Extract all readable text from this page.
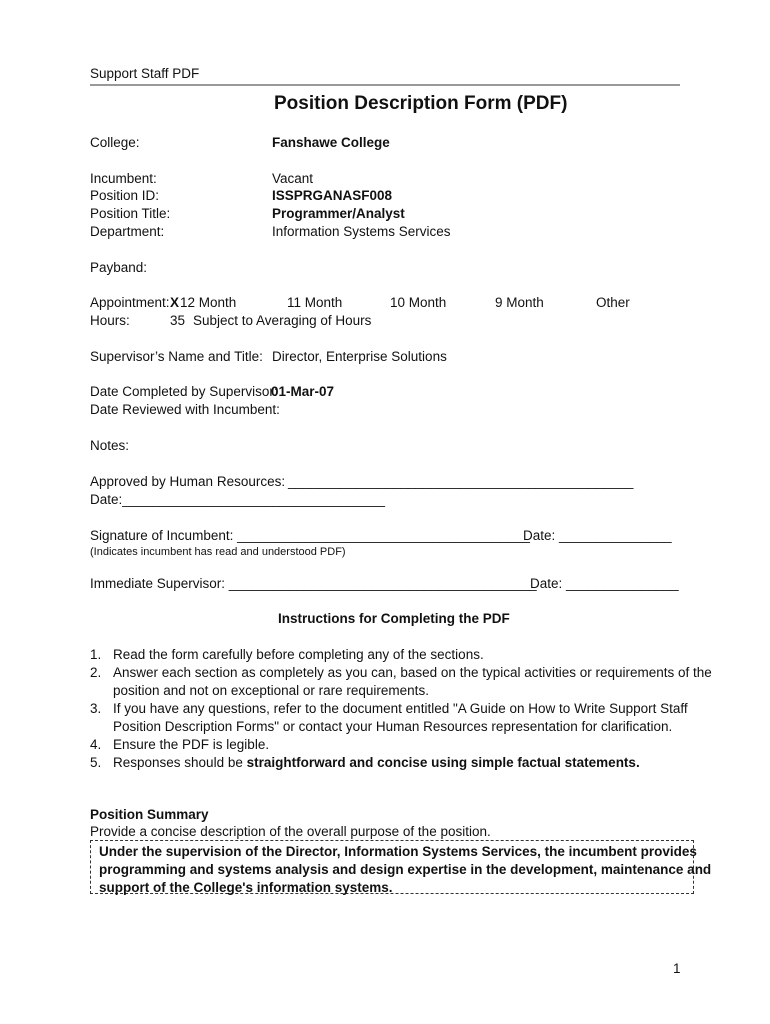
Support Staff PDF
Position Description Form (PDF)
College:	Fanshawe College
Incumbent:	Vacant
Position ID:	ISSPRGANASF008
Position Title:	Programmer/Analyst
Department:	Information Systems Services
Payband:
Appointment: X 12 Month	11 Month	10 Month	9 Month	Other
Hours:	35 Subject to Averaging of Hours
Supervisor’s Name and Title: Director, Enterprise Solutions
Date Completed by Supervisor:
01-Mar-07
Date Reviewed with Incumbent:
Notes:
Approved by Human Resources: ______________________________________________
Date:___________________________________
Signature of Incumbent: _______________________________________
Date: _______________
(Indicates incumbent has read and understood PDF)
Immediate Supervisor: _________________________________________
Date: _______________
Instructions for Completing the PDF
1. Read the form carefully before completing any of the sections.
2. Answer each section as completely as you can, based on the typical activities or requirements of the
position and not on exceptional or rare requirements.
3. If you have any questions, refer to the document entitled "A Guide on How to Write Support Staff
Position Description Forms" or contact your Human Resources representation for clarification.
4. Ensure the PDF is legible.
5. Responses should be straightforward and concise using simple factual statements.
Position Summary
Provide a concise description of the overall purpose of the position.
Under the supervision of the Director, Information Systems Services, the incumbent provides
programming and systems analysis and design expertise in the development, maintenance and
support of the College's information systems.
1
